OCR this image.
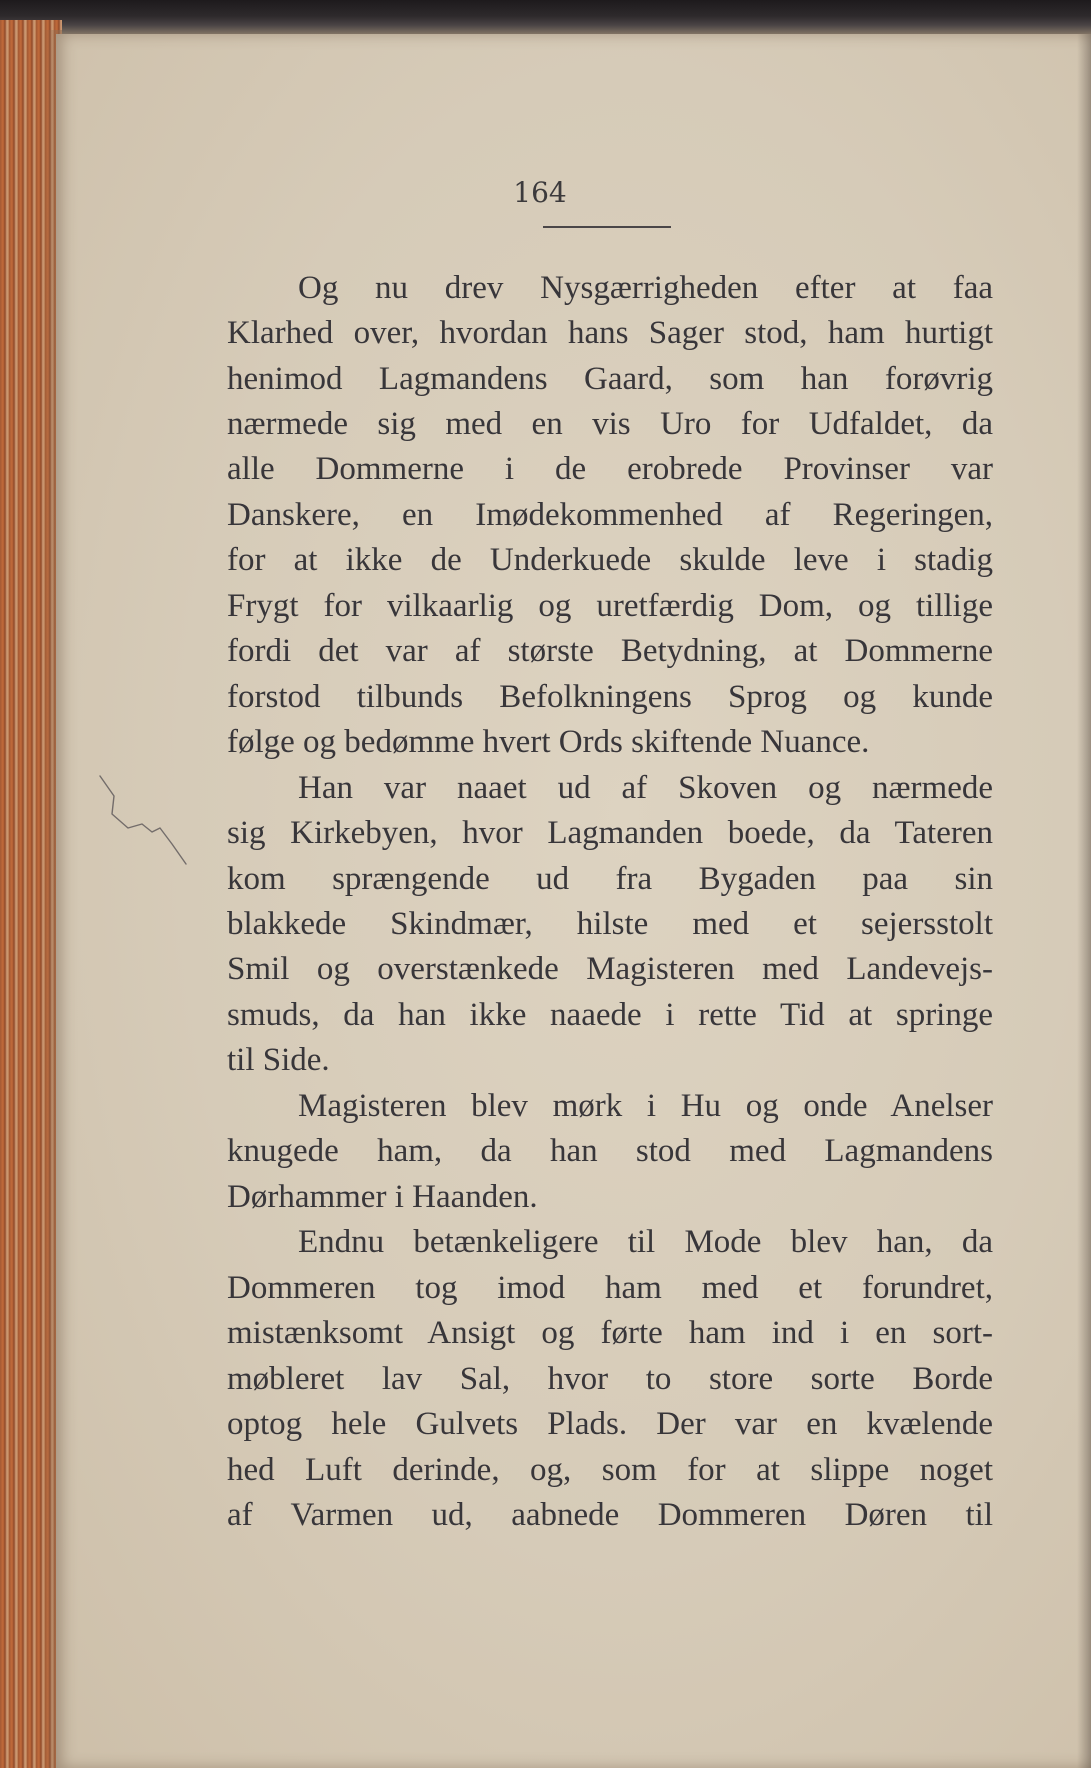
164
Og nu drev Nysgærrigheden efter at faa
Klarhed over, hvordan hans Sager stod, ham hurtigt
henimod Lagmandens Gaard, som han forøvrig
nærmede sig med en vis Uro for Udfaldet, da
alle Dommerne i de erobrede Provinser var
Danskere, en Imødekommenhed af Regeringen,
for at ikke de Underkuede skulde leve i stadig
Frygt for vilkaarlig og uretfærdig Dom, og tillige
fordi det var af største Betydning, at Dommerne
forstod tilbunds Befolkningens Sprog og kunde
følge og bedømme hvert Ords skiftende Nuance.
Han var naaet ud af Skoven og nærmede
sig Kirkebyen, hvor Lagmanden boede, da Tateren
kom sprængende ud fra Bygaden paa sin
blakkede Skindmær, hilste med et sejersstolt
Smil og overstænkede Magisteren med Landevejs-
smuds, da han ikke naaede i rette Tid at springe
til Side.
Magisteren blev mørk i Hu og onde Anelser
knugede ham, da han stod med Lagmandens
Dørhammer i Haanden.
Endnu betænkeligere til Mode blev han, da
Dommeren tog imod ham med et forundret,
mistænksomt Ansigt og førte ham ind i en sort-
møbleret lav Sal, hvor to store sorte Borde
optog hele Gulvets Plads. Der var en kvælende
hed Luft derinde, og, som for at slippe noget
af Varmen ud, aabnede Dommeren Døren til
